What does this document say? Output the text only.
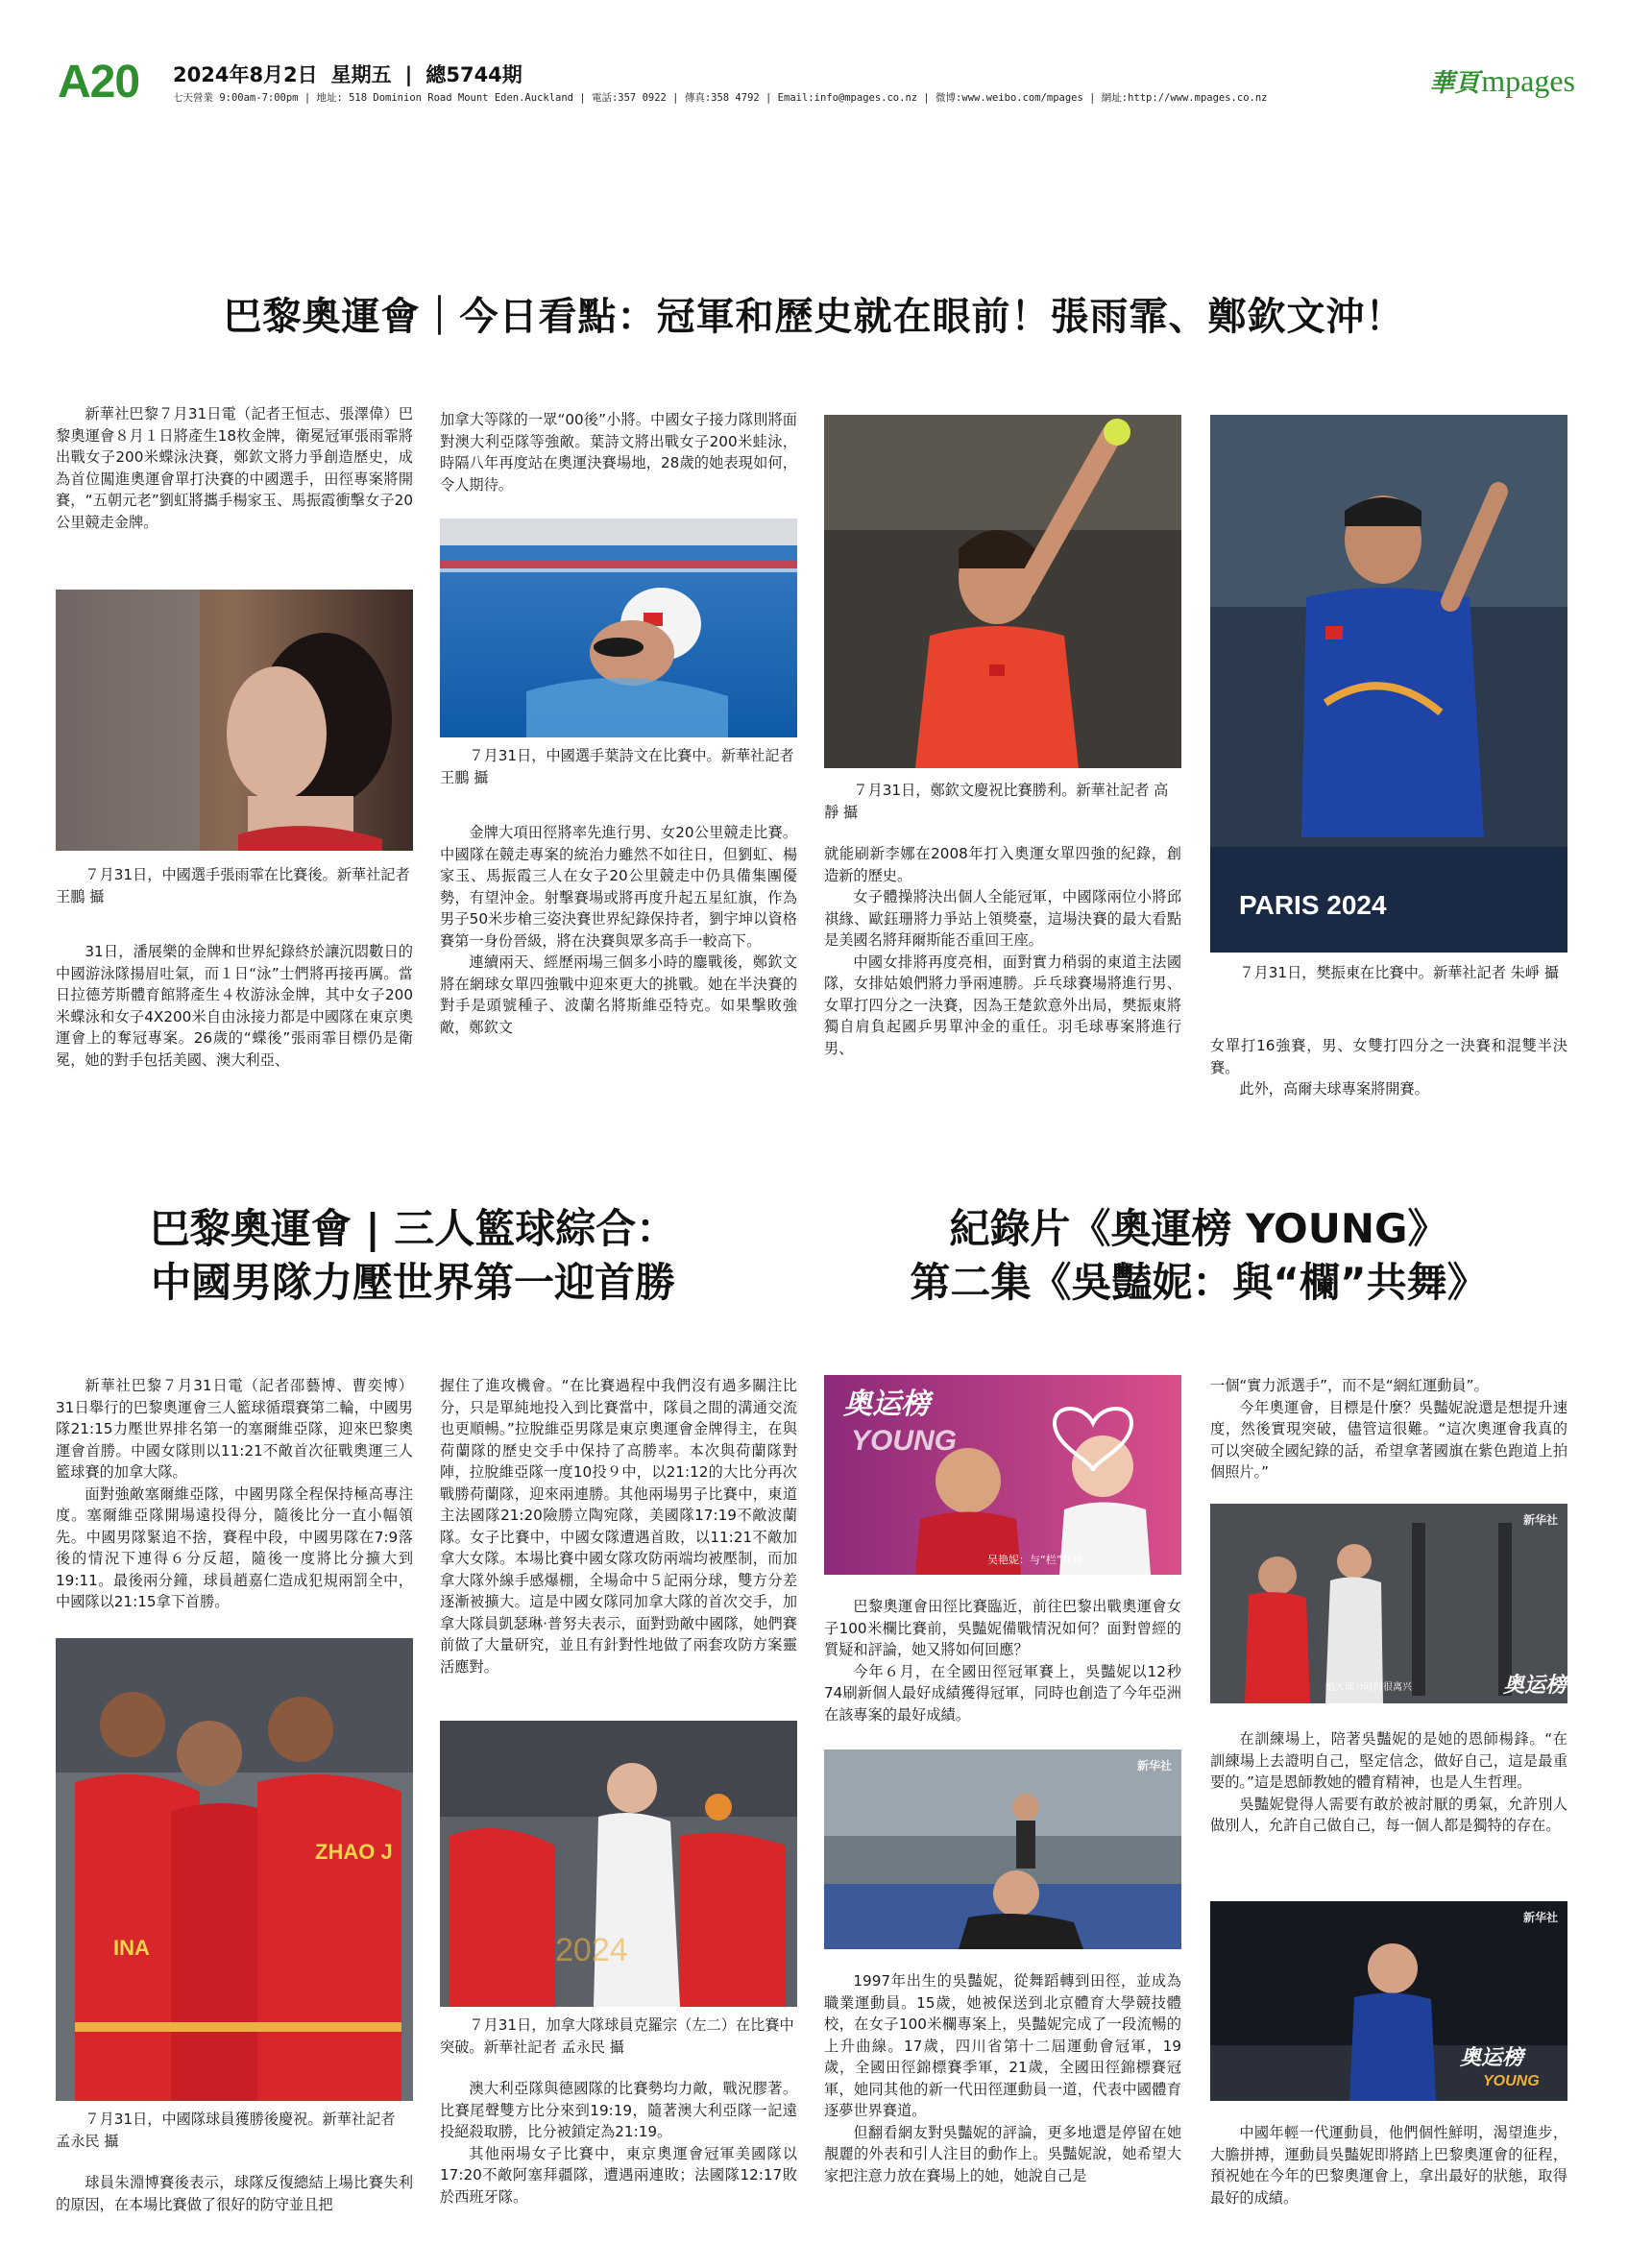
A20 2024年8月2日 星期五 | 總5744期
七天營業 9:00am-7:00pm | 地址: 518 Dominion Road Mount Eden.Auckland | 電話:357 0922 | 傳真:358 4792 | Email:info@mpages.co.nz | 微博:www.weibo.com/mpages | 網址:http://www.mpages.co.nz	華頁 mpages
巴黎奧運會｜今日看點：冠軍和歷史就在眼前！張雨霏、鄭欽文沖！

新華社巴黎７月31日電（記者王恒志、張澤偉）巴黎奧運會８月１日將產生18枚金牌，衛冕冠軍張雨霏將出戰女子200米蝶泳決賽，鄭欽文將力爭創造歷史，成為首位闖進奧運會單打決賽的中國選手，田徑專案將開賽，“五朝元老”劉虹將攜手楊家玉、馬振霞衝擊女子20公里競走金牌。

７月31日，中國選手張雨霏在比賽後。新華社記者 王鵬 攝

31日，潘展樂的金牌和世界紀錄終於讓沉悶數日的中國游泳隊揚眉吐氣，而１日“泳”士們將再接再厲。當日拉德芳斯體育館將產生４枚游泳金牌，其中女子200米蝶泳和女子4X200米自由泳接力都是中國隊在東京奧運會上的奪冠專案。26歲的“蝶後”張雨霏目標仍是衛冕，她的對手包括美國、澳大利亞、

加拿大等隊的一眾“00後”小將。中國女子接力隊則將面對澳大利亞隊等強敵。葉詩文將出戰女子200米蛙泳，時隔八年再度站在奧運決賽場地，28歲的她表現如何，令人期待。
７月31日，中國選手葉詩文在比賽中。新華社記者 王鵬 攝

金牌大項田徑將率先進行男、女20公里競走比賽。中國隊在競走專案的統治力雖然不如往日，但劉虹、楊家玉、馬振霞三人在女子20公里競走中仍具備集團優勢，有望沖金。射擊賽場或將再度升起五星紅旗，作為男子50米步槍三姿決賽世界紀錄保持者，劉宇坤以資格賽第一身份晉級，將在決賽與眾多高手一較高下。

連續兩天、經歷兩場三個多小時的鏖戰後，鄭欽文將在網球女單四強戰中迎來更大的挑戰。她在半決賽的對手是頭號種子、波蘭名將斯維亞特克。如果擊敗強敵，鄭欽文

７月31日，鄭欽文慶祝比賽勝利。新華社記者 高靜 攝
就能刷新李娜在2008年打入奧運女單四強的紀錄，創造新的歷史。

女子體操將決出個人全能冠軍，中國隊兩位小將邱祺緣、歐鈺珊將力爭站上領獎臺，這場決賽的最大看點是美國名將拜爾斯能否重回王座。

中國女排將再度亮相，面對實力稍弱的東道主法國隊，女排姑娘們將力爭兩連勝。乒乓球賽場將進行男、女單打四分之一決賽，因為王楚欽意外出局，樊振東將獨自肩負起國乒男單沖金的重任。羽毛球專案將進行男、

PARIS 2024
７月31日，樊振東在比賽中。新華社記者 朱崢 攝
女單打16強賽，男、女雙打四分之一決賽和混雙半決賽。

此外，高爾夫球專案將開賽。

巴黎奧運會 | 三人籃球綜合：
中國男隊力壓世界第一迎首勝

新華社巴黎７月31日電（記者邵藝博、曹奕博）31日舉行的巴黎奧運會三人籃球循環賽第二輪，中國男隊21:15力壓世界排名第一的塞爾維亞隊，迎來巴黎奧運會首勝。中國女隊則以11:21不敵首次征戰奧運三人籃球賽的加拿大隊。

面對強敵塞爾維亞隊，中國男隊全程保持極高專注度。塞爾維亞隊開場遠投得分，隨後比分一直小幅領先。中國男隊緊追不捨，賽程中段，中國男隊在7:9落後的情況下連得６分反超，隨後一度將比分擴大到19:11。最後兩分鐘，球員趙嘉仁造成犯規兩罰全中，中國隊以21:15拿下首勝。

ZHAO J
INA
７月31日，中國隊球員獲勝後慶祝。新華社記者 孟永民 攝

球員朱淵博賽後表示，球隊反復總結上場比賽失利的原因，在本場比賽做了很好的防守並且把

握住了進攻機會。“在比賽過程中我們沒有過多關注比分，只是單純地投入到比賽當中，隊員之間的溝通交流也更順暢。”拉脫維亞男隊是東京奧運會金牌得主，在與荷蘭隊的歷史交手中保持了高勝率。本次與荷蘭隊對陣，拉脫維亞隊一度10投９中，以21:12的大比分再次戰勝荷蘭隊，迎來兩連勝。其他兩場男子比賽中，東道主法國隊21:20險勝立陶宛隊，美國隊17:19不敵波蘭隊。女子比賽中，中國女隊遭遇首敗，以11:21不敵加拿大女隊。本場比賽中國女隊攻防兩端均被壓制，而加拿大隊外線手感爆棚，全場命中５記兩分球，雙方分差逐漸被擴大。這是中國女隊同加拿大隊的首次交手，加拿大隊員凱瑟琳·普努夫表示，面對勁敵中國隊，她們賽前做了大量研究，並且有針對性地做了兩套攻防方案靈活應對。
2024
７月31日，加拿大隊球員克羅宗（左二）在比賽中突破。新華社記者 孟永民 攝

澳大利亞隊與德國隊的比賽勢均力敵，戰況膠著。比賽尾聲雙方比分來到19:19，隨著澳大利亞隊一記遠投絕殺取勝，比分被鎖定為21:19。

其他兩場女子比賽中，東京奧運會冠軍美國隊以17:20不敵阿塞拜疆隊，遭遇兩連敗；法國隊12:17敗於西班牙隊。

紀錄片《奧運榜 YOUNG》
第二集《吳豔妮：與“欄”共舞》
奥运榜
YOUNG
吴艳妮：与“栏”共舞

巴黎奧運會田徑比賽臨近，前往巴黎出戰奧運會女子100米欄比賽前，吳豔妮備戰情況如何？面對曾經的質疑和評論，她又將如何回應？

今年６月，在全國田徑冠軍賽上，吳豔妮以12秒74刷新個人最好成績獲得冠軍，同時也創造了今年亞洲在該專案的最好成績。

新华社

1997年出生的吳豔妮，從舞蹈轉到田徑，並成為職業運動員。15歲，她被保送到北京體育大學競技體校，在女子100米欄專案上，吳豔妮完成了一段流暢的上升曲線。17歲，四川省第十二屆運動會冠軍，19歲，全國田徑錦標賽季軍，21歲，全國田徑錦標賽冠軍，她同其他的新一代田徑運動員一道，代表中國體育逐夢世界賽道。

但翻看網友對吳豔妮的評論，更多地還是停留在她靚麗的外表和引人注目的動作上。吳豔妮說，她希望大家把注意力放在賽場上的她，她說自己是

一個“實力派選手”，而不是“網紅運動員”。

今年奧運會，目標是什麼？吳豔妮說還是想提升速度，然後實現突破，儘管這很難。“這次奧運會我真的可以突破全國紀錄的話，希望拿著國旗在紫色跑道上拍個照片。”

奥运榜
绝大部分时间很离兴
新华社

在訓練場上，陪著吳豔妮的是她的恩師楊鋒。“在訓練場上去證明自己，堅定信念，做好自己，這是最重要的。”這是恩師教她的體育精神，也是人生哲理。

吳豔妮覺得人需要有敢於被討厭的勇氣，允許別人做別人，允許自己做自己，每一個人都是獨特的存在。

奥运榜
YOUNG
新华社

中國年輕一代運動員，他們個性鮮明，渴望進步，大膽拼搏，運動員吳豔妮即將踏上巴黎奧運會的征程，預祝她在今年的巴黎奧運會上，拿出最好的狀態，取得最好的成績。
